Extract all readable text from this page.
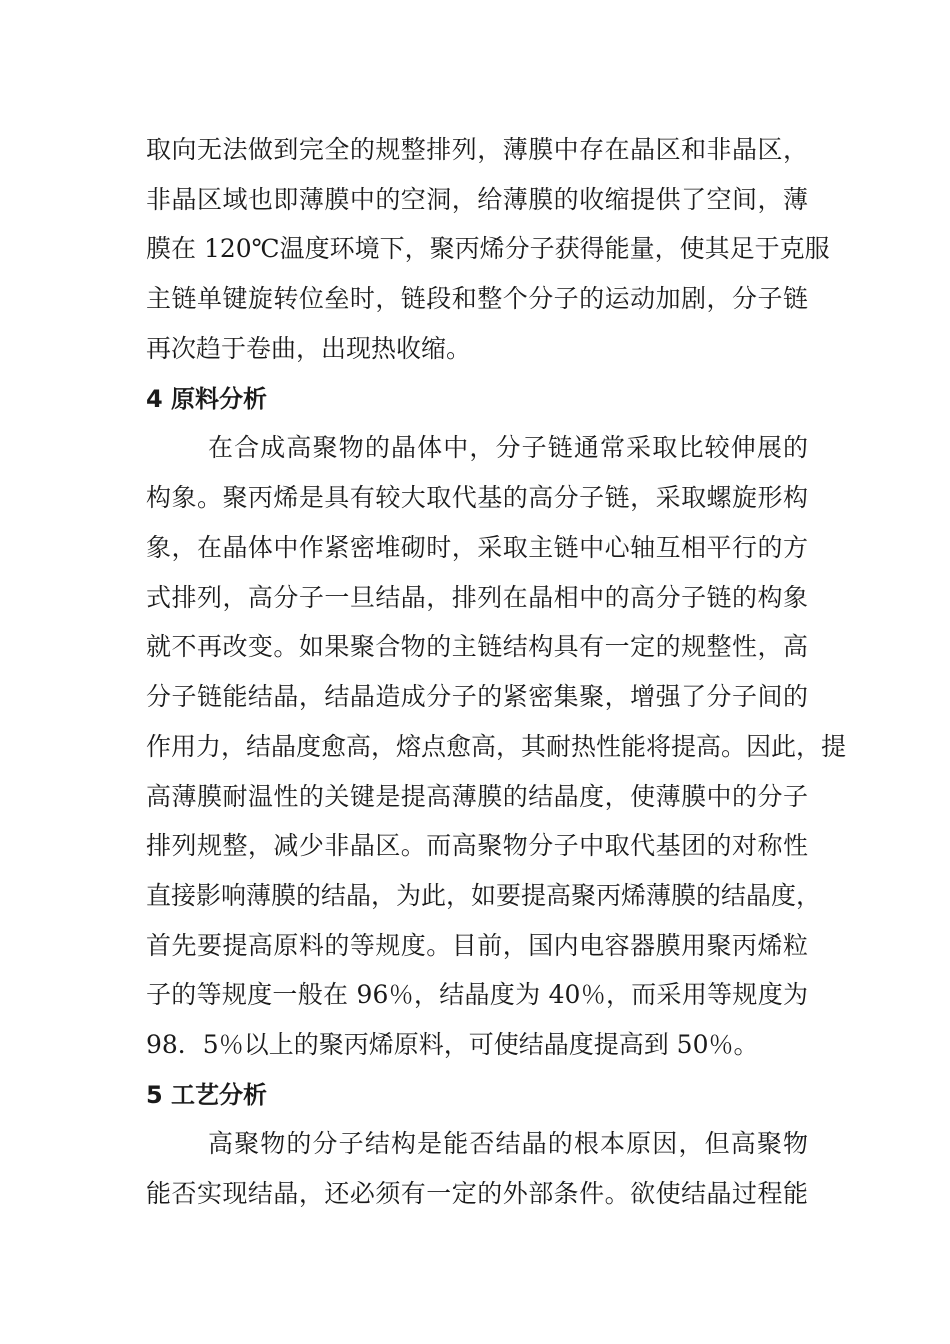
取向无法做到完全的规整排列，薄膜中存在晶区和非晶区，

非晶区域也即薄膜中的空洞，给薄膜的收缩提供了空间，薄

膜在 120℃温度环境下，聚丙烯分子获得能量，使其足于克服

主链单键旋转位垒时，链段和整个分子的运动加剧，分子链

再次趋于卷曲，出现热收缩。

4 原料分析

在合成高聚物的晶体中，分子链通常采取比较伸展的

构象。聚丙烯是具有较大取代基的高分子链，采取螺旋形构

象，在晶体中作紧密堆砌时，采取主链中心轴互相平行的方

式排列，高分子一旦结晶，排列在晶相中的高分子链的构象

就不再改变。如果聚合物的主链结构具有一定的规整性，高

分子链能结晶，结晶造成分子的紧密集聚，增强了分子间的

作用力，结晶度愈高，熔点愈高，其耐热性能将提高。因此，提

高薄膜耐温性的关键是提高薄膜的结晶度，使薄膜中的分子

排列规整，减少非晶区。而高聚物分子中取代基团的对称性

直接影响薄膜的结晶，为此，如要提高聚丙烯薄膜的结晶度，

首先要提高原料的等规度。目前，国内电容器膜用聚丙烯粒

子的等规度一般在 96％，结晶度为 40％，而采用等规度为

98．5％以上的聚丙烯原料，可使结晶度提高到 50％。

5 工艺分析

高聚物的分子结构是能否结晶的根本原因，但高聚物

能否实现结晶，还必须有一定的外部条件。欲使结晶过程能
